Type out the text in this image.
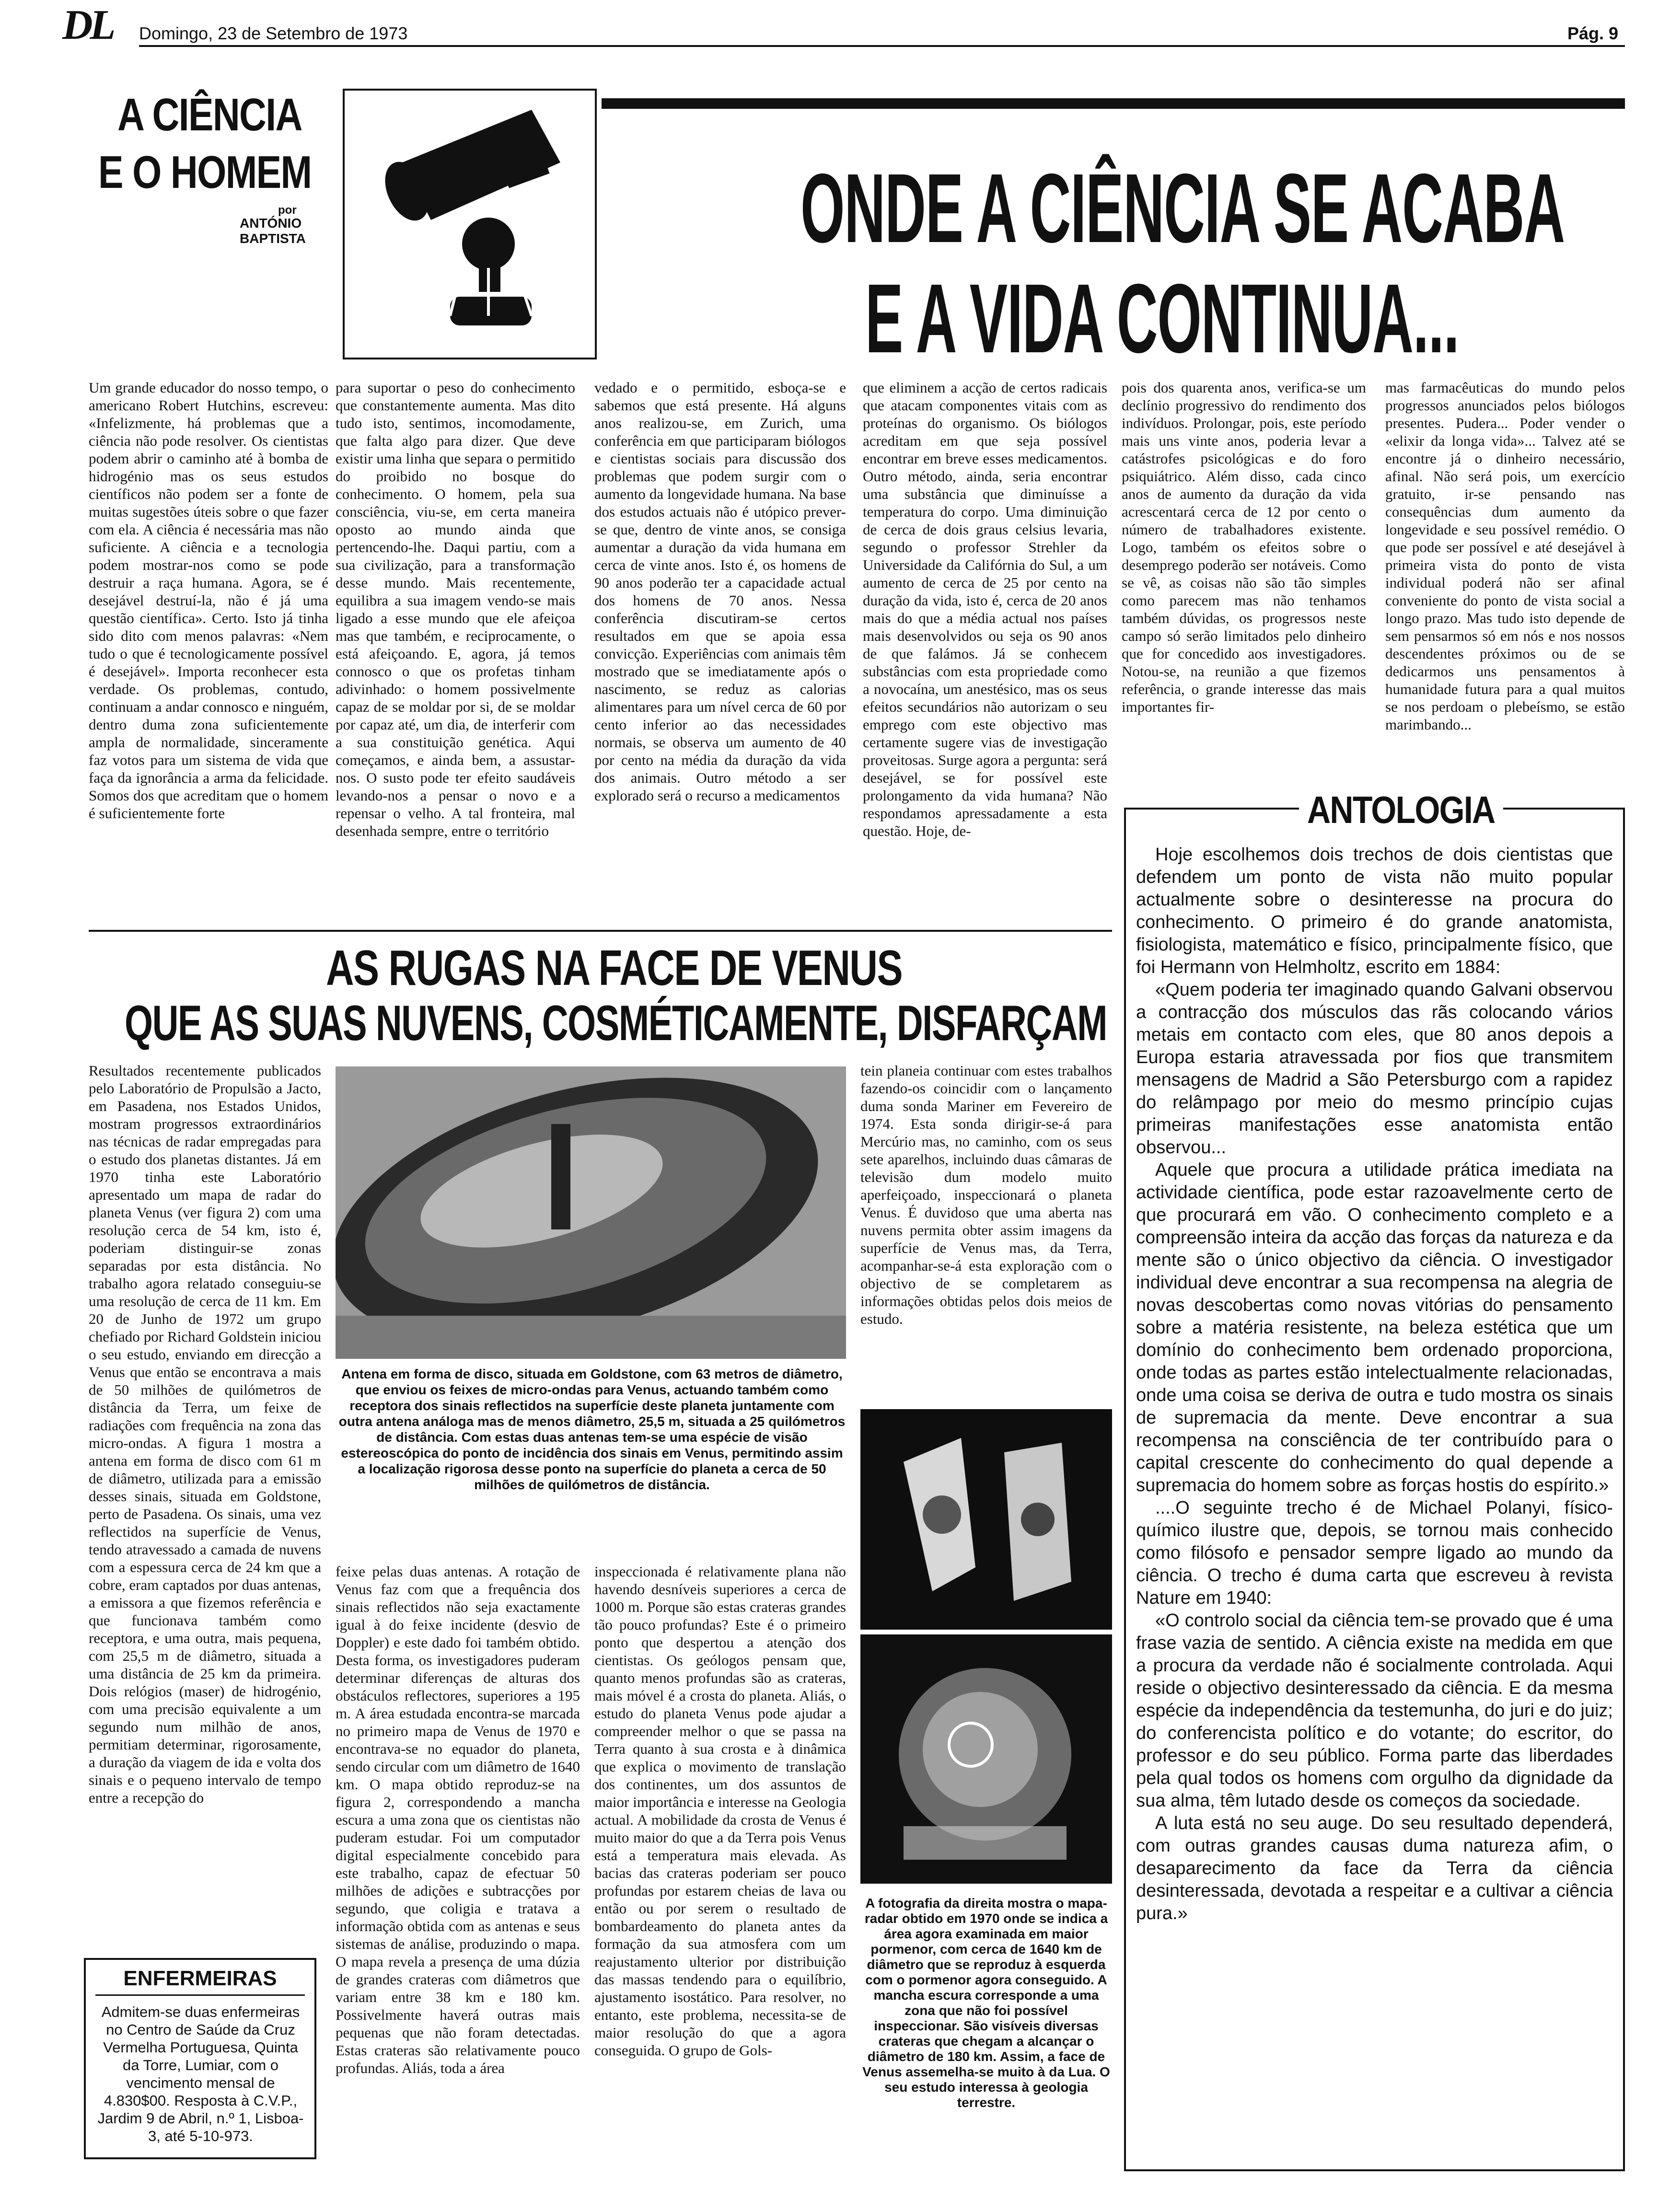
DL Domingo, 23 de Setembro de 1973	Pág. 9
A CIÊNCIA
E O HOMEM
por
ANTÓNIO
BAPTISTA	ONDE A CIÊNCIA SE ACABA
E A VIDA CONTINUA...
Um grande educador do nosso tempo, o americano Robert Hutchins, escreveu: «Infelizmente, há problemas que a ciência não pode resolver. Os cientistas podem abrir o caminho até à bomba de hidrogénio mas os seus estudos científicos não podem ser a fonte de muitas sugestões úteis sobre o que fazer com ela. A ciência é necessária mas não suficiente. A ciência e a tecnologia podem mostrar-nos como se pode destruir a raça humana. Agora, se é desejável destruí-la, não é já uma questão científica». Certo. Isto já tinha sido dito com menos palavras: «Nem tudo o que é tecnologicamente possível é desejável». Importa reconhecer esta verdade. Os problemas, contudo, continuam a andar connosco e ninguém, dentro duma zona suficientemente ampla de normalidade, sinceramente faz votos para um sistema de vida que faça da ignorância a arma da felicidade. Somos dos que acreditam que o homem é suficientemente forte
para suportar o peso do conhecimento que constantemente aumenta. Mas dito tudo isto, sentimos, incomodamente, que falta algo para dizer. Que deve existir uma linha que separa o permitido do proibido no bosque do conhecimento. O homem, pela sua consciência, viu-se, em certa maneira oposto ao mundo ainda que pertencendo-lhe. Daqui partiu, com a sua civilização, para a transformação desse mundo. Mais recentemente, equilibra a sua imagem vendo-se mais ligado a esse mundo que ele afeiçoa mas que também, e reciprocamente, o está afeiçoando. E, agora, já temos connosco o que os profetas tinham adivinhado: o homem possivelmente capaz de se moldar por si, de se moldar por capaz até, um dia, de interferir com a sua constituição genética. Aqui começamos, e ainda bem, a assustar-nos. O susto pode ter efeito saudáveis levando-nos a pensar o novo e a repensar o velho. A tal fronteira, mal desenhada sempre, entre o território
vedado e o permitido, esboça-se e sabemos que está presente. Há alguns anos realizou-se, em Zurich, uma conferência em que participaram biólogos e cientistas sociais para discussão dos problemas que podem surgir com o aumento da longevidade humana. Na base dos estudos actuais não é utópico prever-se que, dentro de vinte anos, se consiga aumentar a duração da vida humana em cerca de vinte anos. Isto é, os homens de 90 anos poderão ter a capacidade actual dos homens de 70 anos. Nessa conferência discutiram-se certos resultados em que se apoia essa convicção. Experiências com animais têm mostrado que se imediatamente após o nascimento, se reduz as calorias alimentares para um nível cerca de 60 por cento inferior ao das necessidades normais, se observa um aumento de 40 por cento na média da duração da vida dos animais. Outro método a ser explorado será o recurso a medicamentos
que eliminem a acção de certos radicais que atacam componentes vitais com as proteínas do organismo. Os biólogos acreditam em que seja possível encontrar em breve esses medicamentos. Outro método, ainda, seria encontrar uma substância que diminuísse a temperatura do corpo. Uma diminuição de cerca de dois graus celsius levaria, segundo o professor Strehler da Universidade da Califórnia do Sul, a um aumento de cerca de 25 por cento na duração da vida, isto é, cerca de 20 anos mais do que a média actual nos países mais desenvolvidos ou seja os 90 anos de que falámos. Já se conhecem substâncias com esta propriedade como a novocaína, um anestésico, mas os seus efeitos secundários não autorizam o seu emprego com este objectivo mas certamente sugere vias de investigação proveitosas. Surge agora a pergunta: será desejável, se for possível este prolongamento da vida humana? Não respondamos apressadamente a esta questão. Hoje, de-
pois dos quarenta anos, verifica-se um declínio progressivo do rendimento dos indivíduos. Prolongar, pois, este período mais uns vinte anos, poderia levar a catástrofes psicológicas e do foro psiquiátrico. Além disso, cada cinco anos de aumento da duração da vida acrescentará cerca de 12 por cento o número de trabalhadores existente. Logo, também os efeitos sobre o desemprego poderão ser notáveis. Como se vê, as coisas não são tão simples como parecem mas não tenhamos também dúvidas, os progressos neste campo só serão limitados pelo dinheiro que for concedido aos investigadores. Notou-se, na reunião a que fizemos referência, o grande interesse das mais importantes fir-
mas farmacêuticas do mundo pelos progressos anunciados pelos biólogos presentes. Pudera... Poder vender o «elixir da longa vida»... Talvez até se encontre já o dinheiro necessário, afinal. Não será pois, um exercício gratuito, ir-se pensando nas consequências dum aumento da longevidade e seu possível remédio. O que pode ser possível e até desejável à primeira vista do ponto de vista individual poderá não ser afinal conveniente do ponto de vista social a longo prazo. Mas tudo isto depende de sem pensarmos só em nós e nos nossos descendentes próximos ou de se dedicarmos uns pensamentos à humanidade futura para a qual muitos se nos perdoam o plebeísmo, se estão marimbando...
AS RUGAS NA FACE DE VENUS
QUE AS SUAS NUVENS, COSMÉTICAMENTE, DISFARÇAM
Resultados recentemente publicados pelo Laboratório de Propulsão a Jacto, em Pasadena, nos Estados Unidos, mostram progressos extraordinários nas técnicas de radar empregadas para o estudo dos planetas distantes. Já em 1970 tinha este Laboratório apresentado um mapa de radar do planeta Venus (ver figura 2) com uma resolução cerca de 54 km, isto é, poderiam distinguir-se zonas separadas por esta distância. No trabalho agora relatado conseguiu-se uma resolução de cerca de 11 km. Em 20 de Junho de 1972 um grupo chefiado por Richard Goldstein iniciou o seu estudo, enviando em direcção a Venus que então se encontrava a mais de 50 milhões de quilómetros de distância da Terra, um feixe de radiações com frequência na zona das micro-ondas. A figura 1 mostra a antena em forma de disco com 61 m de diâmetro, utilizada para a emissão desses sinais, situada em Goldstone, perto de Pasadena. Os sinais, uma vez reflectidos na superfície de Venus, tendo atravessado a camada de nuvens com a espessura cerca de 24 km que a cobre, eram captados por duas antenas, a emissora a que fizemos referência e que funcionava também como receptora, e uma outra, mais pequena, com 25,5 m de diâmetro, situada a uma distância de 25 km da primeira. Dois relógios (maser) de hidrogénio, com uma precisão equivalente a um segundo num milhão de anos, permitiam determinar, rigorosamente, a duração da viagem de ida e volta dos sinais e o pequeno intervalo de tempo entre a recepção do
tein planeia continuar com estes trabalhos fazendo-os coincidir com o lançamento duma sonda Mariner em Fevereiro de 1974. Esta sonda dirigir-se-á para Mercúrio mas, no caminho, com os seus sete aparelhos, incluindo duas câmaras de televisão dum modelo muito aperfeiçoado, inspeccionará o planeta Venus. É duvidoso que uma aberta nas nuvens permita obter assim imagens da superfície de Venus mas, da Terra, acompanhar-se-á esta exploração com o objectivo de se completarem as informações obtidas pelos dois meios de estudo.
Antena em forma de disco, situada em Goldstone, com 63 metros de diâmetro, que enviou os feixes de micro-ondas para Venus, actuando também como receptora dos sinais reflectidos na superfície deste planeta juntamente com outra antena análoga mas de menos diâmetro, 25,5 m, situada a 25 quilómetros de distância. Com estas duas antenas tem-se uma espécie de visão estereoscópica do ponto de incidência dos sinais em Venus, permitindo assim a localização rigorosa desse ponto na superfície do planeta a cerca de 50 milhões de quilómetros de distância.
feixe pelas duas antenas. A rotação de Venus faz com que a frequência dos sinais reflectidos não seja exactamente igual à do feixe incidente (desvio de Doppler) e este dado foi também obtido. Desta forma, os investigadores puderam determinar diferenças de alturas dos obstáculos reflectores, superiores a 195 m. A área estudada encontra-se marcada no primeiro mapa de Venus de 1970 e encontrava-se no equador do planeta, sendo circular com um diâmetro de 1640 km. O mapa obtido reproduz-se na figura 2, correspondendo a mancha escura a uma zona que os cientistas não puderam estudar. Foi um computador digital especialmente concebido para este trabalho, capaz de efectuar 50 milhões de adições e subtracções por segundo, que coligia e tratava a informação obtida com as antenas e seus sistemas de análise, produzindo o mapa. O mapa revela a presença de uma dúzia de grandes crateras com diâmetros que variam entre 38 km e 180 km. Possivelmente haverá outras mais pequenas que não foram detectadas. Estas crateras são relativamente pouco profundas. Aliás, toda a área
inspeccionada é relativamente plana não havendo desníveis superiores a cerca de 1000 m. Porque são estas crateras grandes tão pouco profundas? Este é o primeiro ponto que despertou a atenção dos cientistas. Os geólogos pensam que, quanto menos profundas são as crateras, mais móvel é a crosta do planeta. Aliás, o estudo do planeta Venus pode ajudar a compreender melhor o que se passa na Terra quanto à sua crosta e à dinâmica que explica o movimento de translação dos continentes, um dos assuntos de maior importância e interesse na Geologia actual. A mobilidade da crosta de Venus é muito maior do que a da Terra pois Venus está a temperatura mais elevada. As bacias das crateras poderiam ser pouco profundas por estarem cheias de lava ou então ou por serem o resultado de bombardeamento do planeta antes da formação da sua atmosfera com um reajustamento ulterior por distribuição das massas tendendo para o equilíbrio, ajustamento isostático. Para resolver, no entanto, este problema, necessita-se de maior resolução do que a agora conseguida. O grupo de Gols-
A fotografia da direita mostra o mapa-radar obtido em 1970 onde se indica a área agora examinada em maior pormenor, com cerca de 1640 km de diâmetro que se reproduz à esquerda com o pormenor agora conseguido. A mancha escura corresponde a uma zona que não foi possível inspeccionar. São visíveis diversas crateras que chegam a alcançar o diâmetro de 180 km. Assim, a face de Venus assemelha-se muito à da Lua. O seu estudo interessa à geologia terrestre.
ENFERMEIRAS
Admitem-se duas enfermeiras no Centro de Saúde da Cruz Vermelha Portuguesa, Quinta da Torre, Lumiar, com o vencimento mensal de 4.830$00. Resposta à C.V.P., Jardim 9 de Abril, n.º 1, Lisboa-3, até 5-10-973.
ANTOLOGIA

Hoje escolhemos dois trechos de dois cientistas que defendem um ponto de vista não muito popular actualmente sobre o desinteresse na procura do conhecimento. O primeiro é do grande anatomista, fisiologista, matemático e físico, principalmente físico, que foi Hermann von Helmholtz, escrito em 1884:

«Quem poderia ter imaginado quando Galvani observou a contracção dos músculos das rãs colocando vários metais em contacto com eles, que 80 anos depois a Europa estaria atravessada por fios que transmitem mensagens de Madrid a São Petersburgo com a rapidez do relâmpago por meio do mesmo princípio cujas primeiras manifestações esse anatomista então observou...

Aquele que procura a utilidade prática imediata na actividade científica, pode estar razoavelmente certo de que procurará em vão. O conhecimento completo e a compreensão inteira da acção das forças da natureza e da mente são o único objectivo da ciência. O investigador individual deve encontrar a sua recompensa na alegria de novas descobertas como novas vitórias do pensamento sobre a matéria resistente, na beleza estética que um domínio do conhecimento bem ordenado proporciona, onde todas as partes estão intelectualmente relacionadas, onde uma coisa se deriva de outra e tudo mostra os sinais de supremacia da mente. Deve encontrar a sua recompensa na consciência de ter contribuído para o capital crescente do conhecimento do qual depende a supremacia do homem sobre as forças hostis do espírito.»

....O seguinte trecho é de Michael Polanyi, físico-químico ilustre que, depois, se tornou mais conhecido como filósofo e pensador sempre ligado ao mundo da ciência. O trecho é duma carta que escreveu à revista Nature em 1940:

«O controlo social da ciência tem-se provado que é uma frase vazia de sentido. A ciência existe na medida em que a procura da verdade não é socialmente controlada. Aqui reside o objectivo desinteressado da ciência. E da mesma espécie da independência da testemunha, do juri e do juiz; do conferencista político e do votante; do escritor, do professor e do seu público. Forma parte das liberdades pela qual todos os homens com orgulho da dignidade da sua alma, têm lutado desde os começos da sociedade.

A luta está no seu auge. Do seu resultado dependerá, com outras grandes causas duma natureza afim, o desaparecimento da face da Terra da ciência desinteressada, devotada a respeitar e a cultivar a ciência pura.»
